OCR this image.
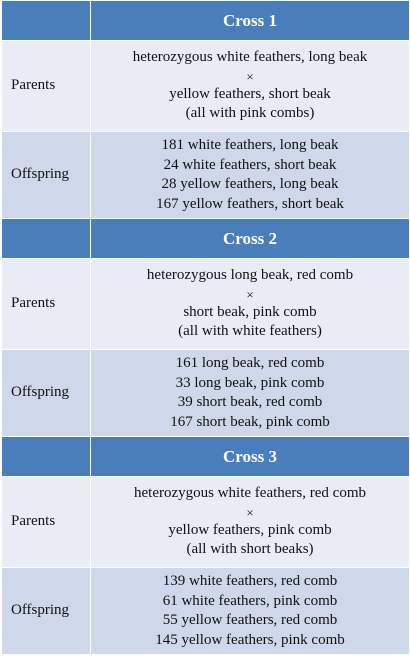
	Cross 1
Parents	heterozygous white feathers, long beak
×
yellow feathers, short beak
(all with pink combs)

Offspring	181 white feathers, long beak
24 white feathers, short beak
28 yellow feathers, long beak
167 yellow feathers, short beak

	Cross 2
Parents	heterozygous long beak, red comb
×
short beak, pink comb
(all with white feathers)

Offspring	161 long beak, red comb
33 long beak, pink comb
39 short beak, red comb
167 short beak, pink comb

	Cross 3
Parents	heterozygous white feathers, red comb
×
yellow feathers, pink comb
(all with short beaks)

Offspring	139 white feathers, red comb
61 white feathers, pink comb
55 yellow feathers, red comb
145 yellow feathers, pink comb
